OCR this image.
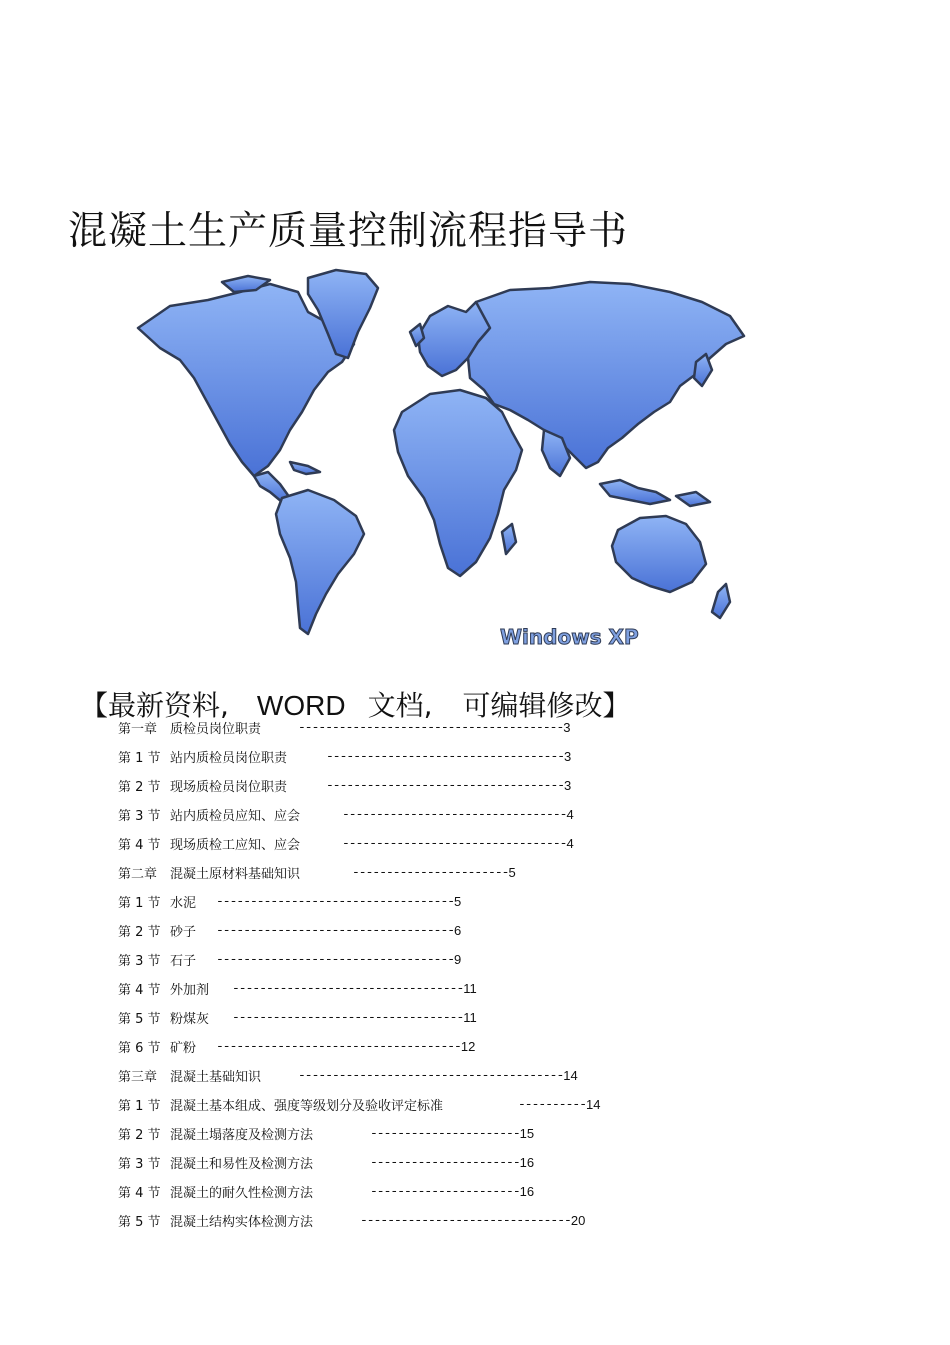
混凝土生产质量控制流程指导书
Windows XP
【最新资料, WORD 文档, 可编辑修改】
第一章 质检员岗位职责	--------------------------------------- 3
第 1 节 站内质检员岗位职责	----------------------------------- 3
第 2 节 现场质检员岗位职责	----------------------------------- 3
第 3 节 站内质检员应知、应会	--------------------------------- 4
第 4 节 现场质检工应知、应会	--------------------------------- 4
第二章 混凝土原材料基础知识	----------------------- 5
第 1 节 水泥	----------------------------------- 5
第 2 节 砂子	----------------------------------- 6
第 3 节 石子	----------------------------------- 9
第 4 节 外加剂	---------------------------------- 11
第 5 节 粉煤灰	---------------------------------- 11
第 6 节 矿粉	------------------------------------ 12
第三章 混凝土基础知识	--------------------------------------- 14
第 1 节 混凝土基本组成、强度等级划分及验收评定标准	---------- 14
第 2 节 混凝土塌落度及检测方法	---------------------- 15
第 3 节 混凝土和易性及检测方法	---------------------- 16
第 4 节 混凝土的耐久性检测方法	---------------------- 16
第 5 节 混凝土结构实体检测方法	------------------------------- 20
